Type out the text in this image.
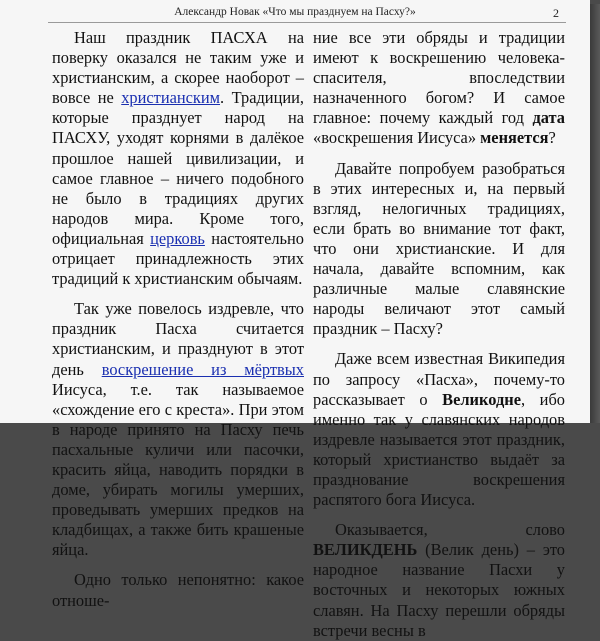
Александр Новак «Что мы празднуем на Пасху?»	2

Наш праздник ПАСХА на поверку оказался не таким уже и христианским, а скорее наоборот – вовсе не христианским. Традиции, которые празднует народ на ПАСХУ, уходят корнями в далёкое прошлое нашей цивилизации, и самое главное – ничего подобного не было в традициях других народов мира. Кроме того, официальная церковь настоятельно отрицает принадлежность этих традиций к христианским обычаям.

Так уже повелось издревле, что праздник Пасха считается христианским, и празднуют в этот день воскрешение из мёртвых Иисуса, т.е. так называемое «схождение его с креста». При этом в народе принято на Пасху печь пасхальные куличи или пасочки, красить яйца, наводить порядки в доме, убирать могилы умерших, проведывать умерших предков на кладбищах, а также бить крашеные яйца.

Одно только непонятно: какое отноше-

ние все эти обряды и традиции имеют к воскрешению человека-спасителя, впоследствии назначенного богом? И самое главное: почему каждый год дата «воскрешения Иисуса» меняется?

Давайте попробуем разобраться в этих интересных и, на первый взгляд, нелогичных традициях, если брать во внимание тот факт, что они христианские. И для начала, давайте вспомним, как различные малые славянские народы величают этот самый праздник – Пасху?

Даже всем известная Википедия по запросу «Пасха», почему-то рассказывает о Великодне, ибо именно так у славянских народов издревле называется этот праздник, который христианство выдаёт за празднование воскрешения распятого бога Иисуса.

Оказывается, слово ВЕЛИКДЕНЬ (Велик день) – это народное название Пасхи у восточных и некоторых южных славян. На Пасху перешли обряды встречи весны в
